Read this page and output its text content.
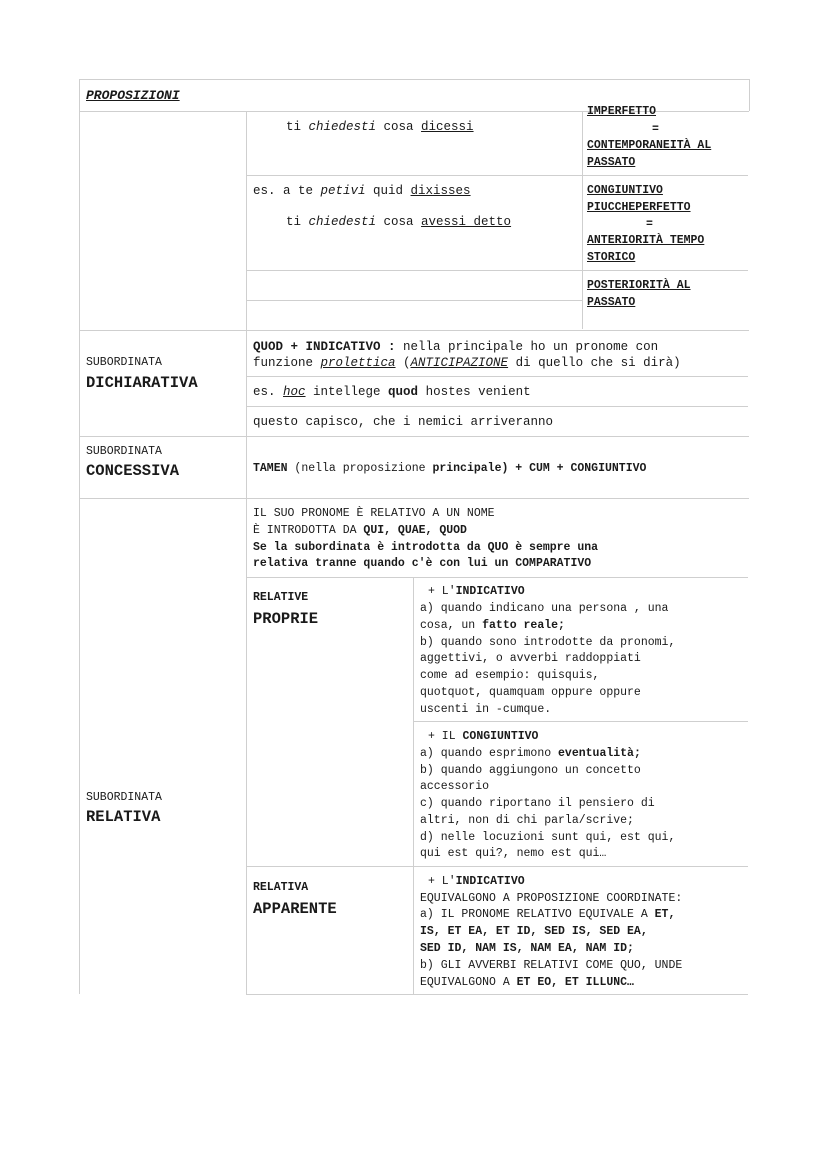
PROPOSIZIONI
ti chiedesti cosa dicessi
es. a te petivi quid dixisses
ti chiedesti cosa avessi detto
IMPERFETTO
=
CONTEMPORANEITÀ AL
PASSATO
CONGIUNTIVO
PIUCCHEPERFETTO
=
ANTERIORITÀ TEMPO
STORICO
POSTERIORITÀ AL
PASSATO
SUBORDINATA
DICHIARATIVA
QUOD + INDICATIVO : nella principale ho un pronome con
funzione prolettica (ANTICIPAZIONE di quello che si dirà)
es. hoc intellege quod hostes venient
questo capisco, che i nemici arriveranno
SUBORDINATA
CONCESSIVA	TAMEN (nella proposizione principale) + CUM + CONGIUNTIVO
IL SUO PRONOME È RELATIVO A UN NOME
È INTRODOTTA DA QUI, QUAE, QUOD
Se la subordinata è introdotta da QUO è sempre una
relativa tranne quando c'è con lui un COMPARATIVO
SUBORDINATA
RELATIVA
RELATIVE
PROPRIE
+ L'INDICATIVO
a) quando indicano una persona , una
cosa, un fatto reale;
b) quando sono introdotte da pronomi,
aggettivi, o avverbi raddoppiati
come ad esempio: quisquis,
quotquot, quamquam oppure oppure
uscenti in -cumque.
+ IL CONGIUNTIVO
a) quando esprimono eventualità;
b) quando aggiungono un concetto
accessorio
c) quando riportano il pensiero di
altri, non di chi parla/scrive;
d) nelle locuzioni sunt qui, est qui,
qui est qui?, nemo est qui…
RELATIVA
APPARENTE
+ L'INDICATIVO
EQUIVALGONO A PROPOSIZIONE COORDINATE:
a) IL PRONOME RELATIVO EQUIVALE A ET,
IS, ET EA, ET ID, SED IS, SED EA,
SED ID, NAM IS, NAM EA, NAM ID;
b) GLI AVVERBI RELATIVI COME QUO, UNDE
EQUIVALGONO A ET EO, ET ILLUNC…
